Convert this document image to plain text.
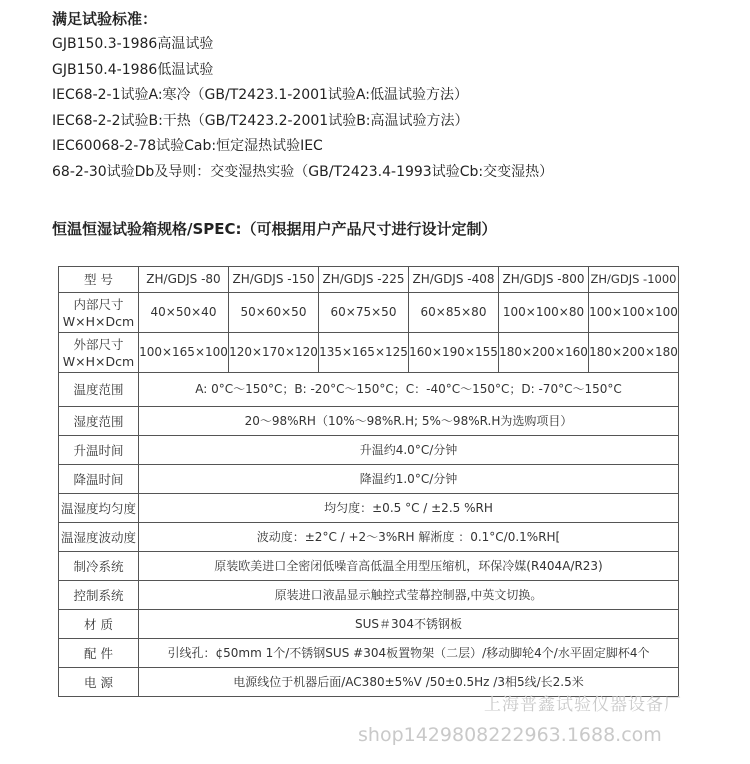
满足试验标准：
GJB150.3-1986高温试验
GJB150.4-1986低温试验
IEC68-2-1试验A:寒冷（GB/T2423.1-2001试验A:低温试验方法）
IEC68-2-2试验B:干热（GB/T2423.2-2001试验B:高温试验方法）
IEC60068-2-78试验Cab:恒定湿热试验IEC
68-2-30试验Db及导则：交变湿热实验（GB/T2423.4-1993试验Cb:交变湿热）
恒温恒湿试验箱规格/SPEC:（可根据用户产品尺寸进行设计定制）
型 号	ZH/GDJS -80	ZH/GDJS -150	ZH/GDJS -225	ZH/GDJS -408	ZH/GDJS -800	ZH/GDJS -1000
内部尺寸
W×H×Dcm	40×50×40	50×60×50	60×75×50	60×85×80	100×100×80	100×100×100
外部尺寸
W×H×Dcm	100×165×100	120×170×120	135×165×125	160×190×155	180×200×160	180×200×180
温度范围	A: 0°C～150°C；B: -20°C～150°C；C：-40°C～150°C；D: -70°C～150°C					
湿度范围	20～98%RH（10%～98%R.H; 5%～98%R.H为选购项目）					
升温时间	升温约4.0°C/分钟					
降温时间	降温约1.0°C/分钟					
温湿度均匀度	均匀度：±0.5 °C / ±2.5 %RH					
温湿度波动度	波动度：±2°C / +2～3%RH 解淅度 ：0.1°C/0.1%RH[					
制冷系统	原装欧美进口全密闭低噪音高低温全用型压缩机，环保冷媒(R404A/R23)					
控制系统	原装进口液晶显示触控式莹幕控制器,中英文切换。					
材 质	SUS＃304不锈钢板					
配 件	引线孔：¢50mm 1个/不锈钢SUS #304板置物架（二层）/移动脚轮4个/水平固定脚杯4个					
电 源	电源线位于机器后面/AC380±5%V /50±0.5Hz /3相5线/长2.5米					
上海普鑫试验仪器设备厂
shop1429808222963.1688.com
